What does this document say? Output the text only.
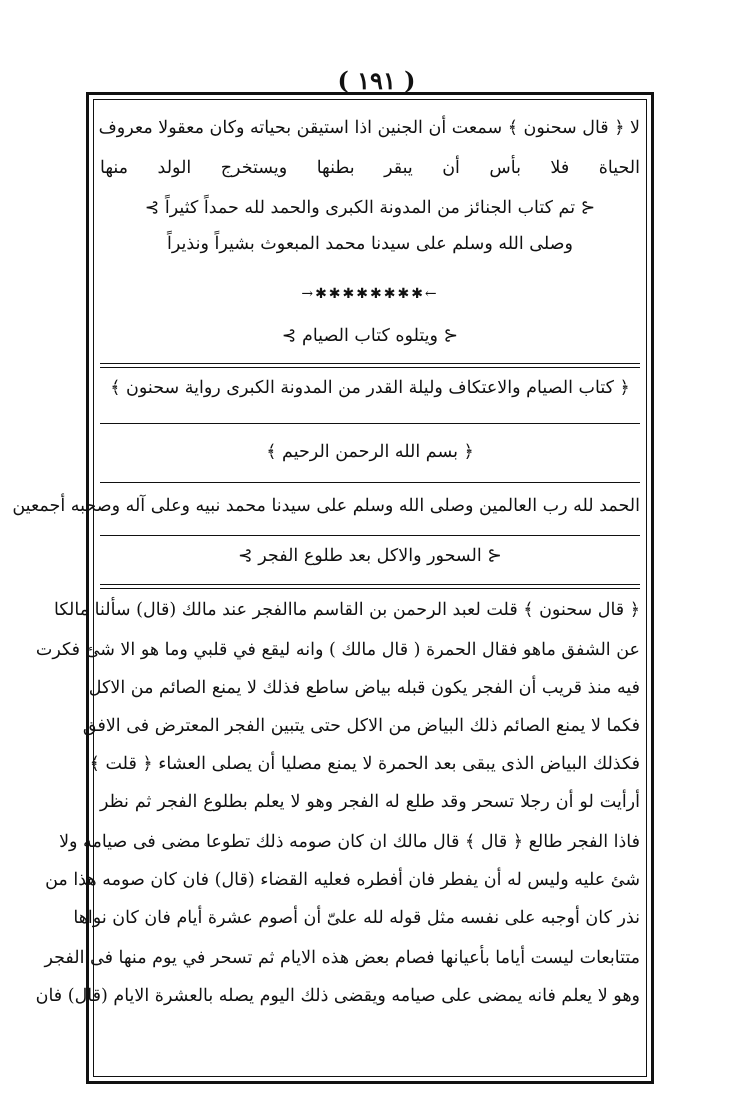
( ١٩١ )
لا ﴿ قال سحنون ﴾ سمعت أن الجنين اذا استيقن بحياته وكان معقولا معروف
الحياة فلا بأس أن يبقر بطنها ويستخرج الولد منها
⊰ تم كتاب الجنائز من المدونة الكبرى والحمد لله حمداً كثيراً ⊱
وصلى الله وسلم على سيدنا محمد المبعوث بشيراً ونذيراً
→✱✱✱✱✱✱✱✱←
⊰ ويتلوه كتاب الصيام ⊱
﴿ كتاب الصيام والاعتكاف وليلة القدر من المدونة الكبرى رواية سحنون ﴾
﴿ بسم الله الرحمن الرحيم ﴾
الحمد لله رب العالمين وصلى الله وسلم على سيدنا محمد نبيه وعلى آله وصحبه أجمعين
⊰ السحور والاكل بعد طلوع الفجر ⊱
﴿ قال سحنون ﴾ قلت لعبد الرحمن بن القاسم ماالفجر عند مالك (قال) سألنا مالكا
عن الشفق ماهو فقال الحمرة ( قال مالك ) وانه ليقع في قلبي وما هو الا شئ فكرت
فيه منذ قريب أن الفجر يكون قبله بياض ساطع فذلك لا يمنع الصائم من الاكل
فكما لا يمنع الصائم ذلك البياض من الاكل حتى يتبين الفجر المعترض فى الافق
فكذلك البياض الذى يبقى بعد الحمرة لا يمنع مصليا أن يصلى العشاء ﴿ قلت ﴾
أرأيت لو أن رجلا تسحر وقد طلع له الفجر وهو لا يعلم بطلوع الفجر ثم نظر
فاذا الفجر طالع ﴿ قال ﴾ قال مالك ان كان صومه ذلك تطوعا مضى فى صيامه ولا
شئ عليه وليس له أن يفطر فان أفطره فعليه القضاء (قال) فان كان صومه هذا من
نذر كان أوجبه على نفسه مثل قوله لله علىّ أن أصوم عشرة أيام فان كان نواها
متتابعات ليست أياما بأعيانها فصام بعض هذه الايام ثم تسحر في يوم منها فى الفجر
وهو لا يعلم فانه يمضى على صيامه ويقضى ذلك اليوم يصله بالعشرة الايام (قال) فان
